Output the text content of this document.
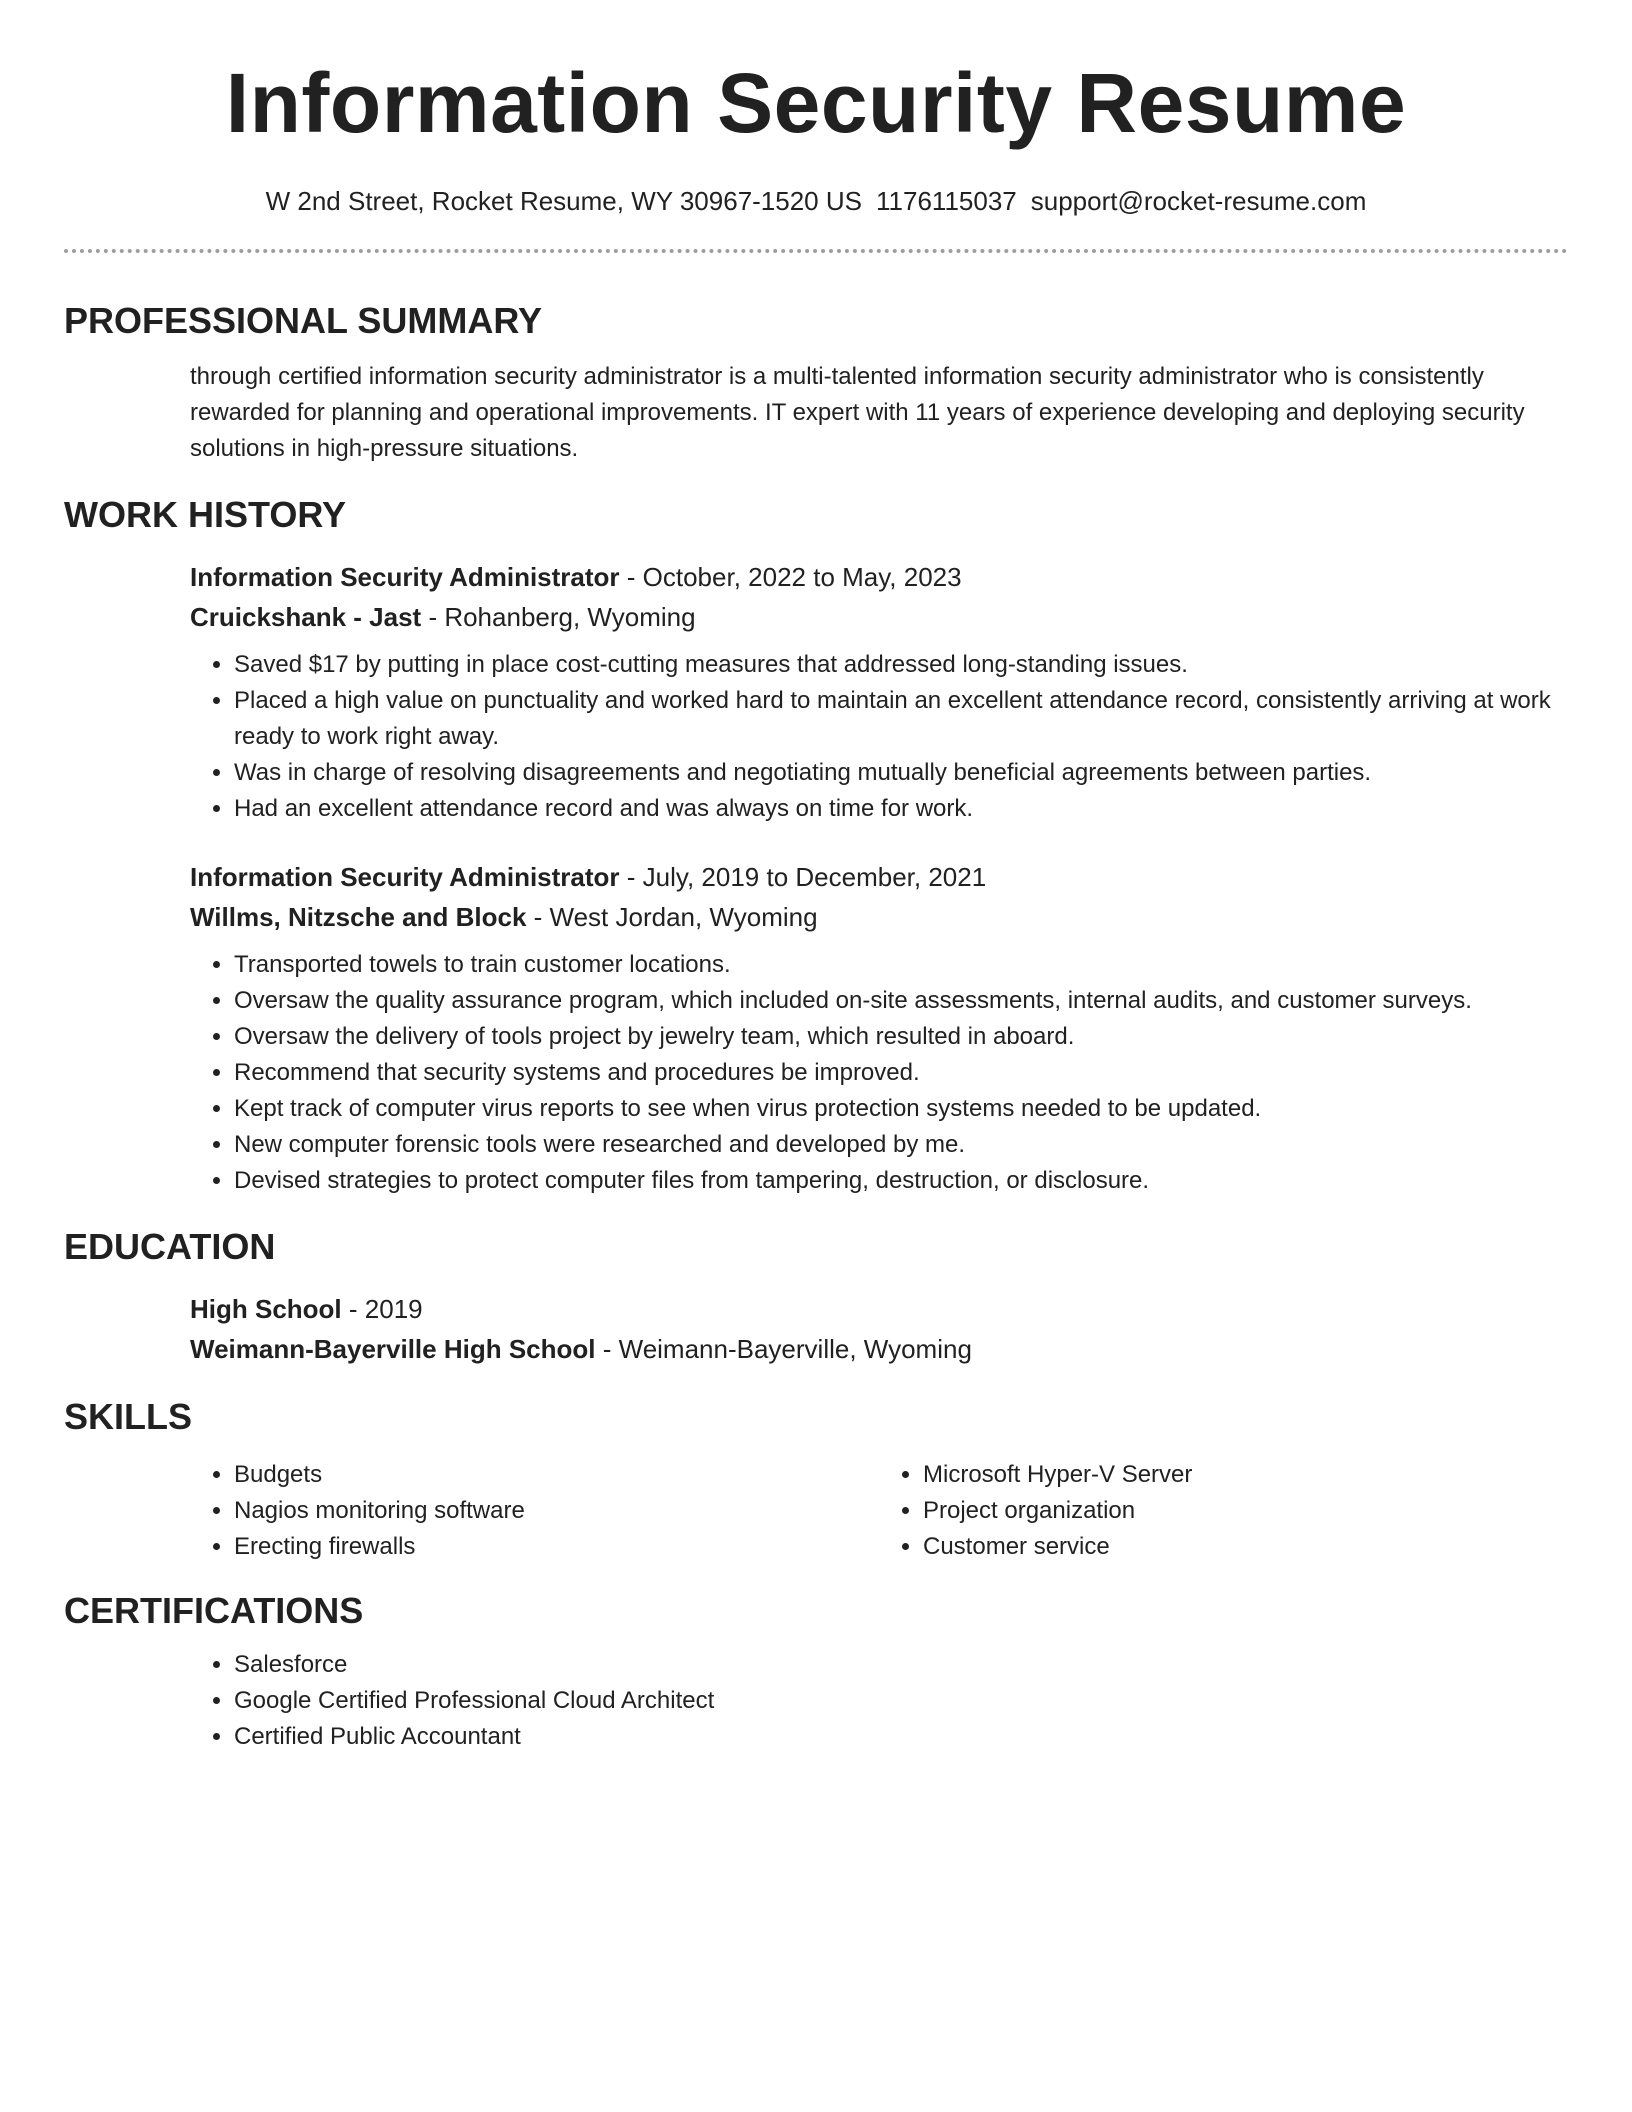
Information Security Resume
W 2nd Street, Rocket Resume, WY 30967-1520 US 1176115037 support@rocket-resume.com
PROFESSIONAL SUMMARY

through certified information security administrator is a multi-talented information security administrator who is consistently rewarded for planning and operational improvements. IT expert with 11 years of experience developing and deploying security solutions in high-pressure situations.

WORK HISTORY
Information Security Administrator - October, 2022 to May, 2023
Cruickshank - Jast - Rohanberg, Wyoming
• Saved $17 by putting in place cost-cutting measures that addressed long-standing issues.
• Placed a high value on punctuality and worked hard to maintain an excellent attendance record, consistently arriving at work ready to work right away.
• Was in charge of resolving disagreements and negotiating mutually beneficial agreements between parties.
• Had an excellent attendance record and was always on time for work.
Information Security Administrator - July, 2019 to December, 2021
Willms, Nitzsche and Block - West Jordan, Wyoming
• Transported towels to train customer locations.
• Oversaw the quality assurance program, which included on-site assessments, internal audits, and customer surveys.
• Oversaw the delivery of tools project by jewelry team, which resulted in aboard.
• Recommend that security systems and procedures be improved.
• Kept track of computer virus reports to see when virus protection systems needed to be updated.
• New computer forensic tools were researched and developed by me.
• Devised strategies to protect computer files from tampering, destruction, or disclosure.
EDUCATION
High School - 2019
Weimann-Bayerville High School - Weimann-Bayerville, Wyoming
SKILLS
• Budgets
• Nagios monitoring software
• Erecting firewalls
• Microsoft Hyper-V Server
• Project organization
• Customer service
CERTIFICATIONS
• Salesforce
• Google Certified Professional Cloud Architect
• Certified Public Accountant
